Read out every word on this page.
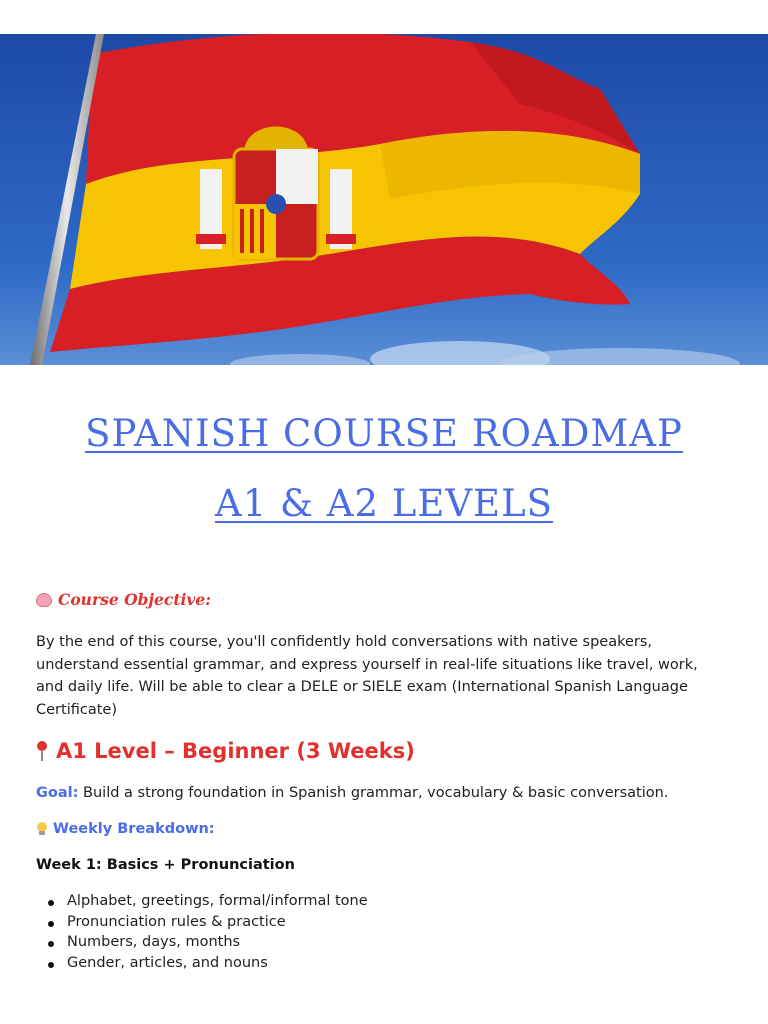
SPANISH COURSE ROADMAP
A1 & A2 LEVELS
Course Objective:

By the end of this course, you'll confidently hold conversations with native speakers, understand essential grammar, and express yourself in real-life situations like travel, work, and daily life. Will be able to clear a DELE or SIELE exam (International Spanish Language Certificate)

A1 Level – Beginner (3 Weeks)

Goal: Build a strong foundation in Spanish grammar, vocabulary & basic conversation.

Weekly Breakdown:

Week 1: Basics + Pronunciation

Alphabet, greetings, formal/informal tone
Pronunciation rules & practice
Numbers, days, months
Gender, articles, and nouns
